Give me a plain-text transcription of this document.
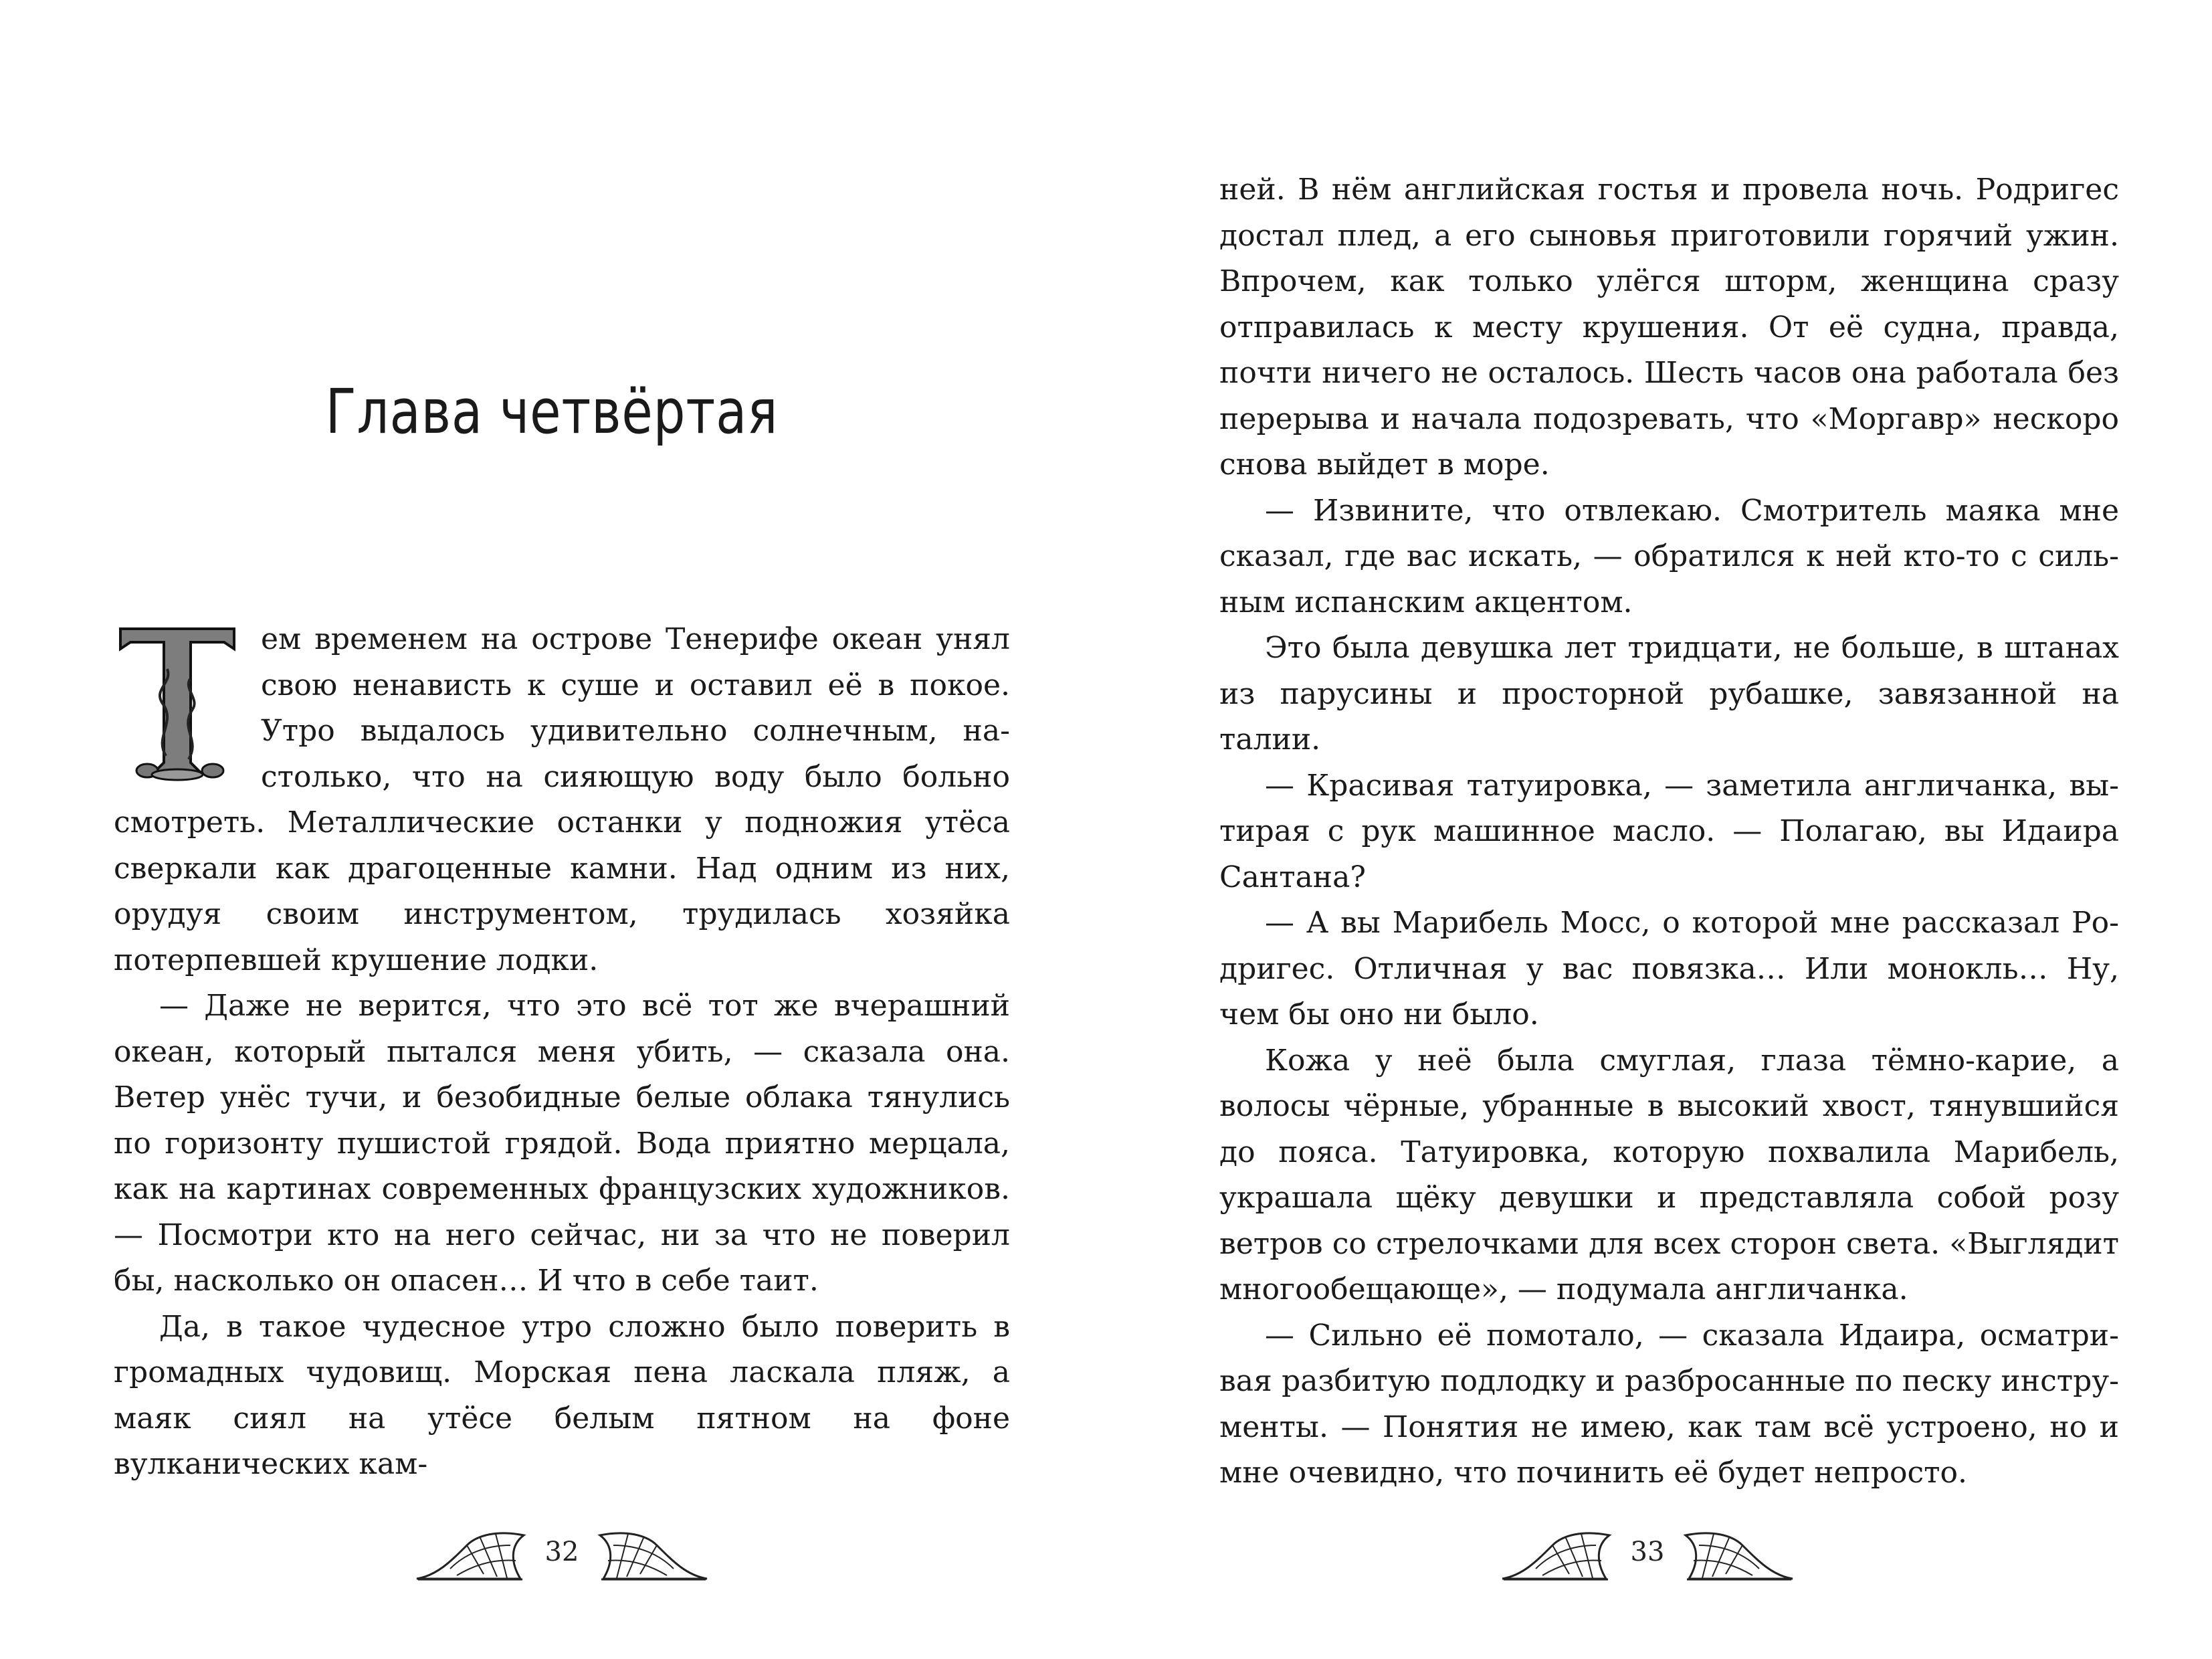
Глава четвёртая

ем временем на острове Тенерифе океан унял свою ненависть к суше и оставил её в покое. Утро выдалось удивительно солнечным, настолько, что на сияющую воду было больно смотреть. Металлические останки у подножия утёса сверкали как драгоценные камни. Над одним из них, орудуя своим инструментом, трудилась хозяйка потерпевшей крушение лодки.

— Даже не верится, что это всё тот же вчерашний океан, который пытался меня убить, — сказала она. Ветер унёс тучи, и безобидные белые облака тянулись по горизонту пушистой грядой. Вода приятно мерцала, как на картинах современных французских художников. — Посмотри кто на него сейчас, ни за что не поверил бы, насколько он опасен… И что в себе таит.

Да, в такое чудесное утро сложно было поверить в громадных чудовищ. Морская пена ласкала пляж, а маяк сиял на утёсе белым пятном на фоне вулканических кам-

32

ней. В нём английская гостья и провела ночь. Родригес достал плед, а его сыновья приготовили горячий ужин. Впрочем, как только улёгся шторм, женщина сразу отправилась к месту крушения. От её судна, правда, почти ничего не осталось. Шесть часов она работала без перерыва и начала подозревать, что «Моргавр» нескоро снова выйдет в море.

— Извините, что отвлекаю. Смотритель маяка мне сказал, где вас искать, — обратился к ней кто-то с сильным испанским акцентом.

Это была девушка лет тридцати, не больше, в штанах из парусины и просторной рубашке, завязанной на талии.

— Красивая татуировка, — заметила англичанка, вытирая с рук машинное масло. — Полагаю, вы Идаира Сантана?

— А вы Марибель Мосс, о которой мне рассказал Родригес. Отличная у вас повязка… Или монокль… Ну, чем бы оно ни было.

Кожа у неё была смуглая, глаза тёмно-карие, а волосы чёрные, убранные в высокий хвост, тянувшийся до пояса. Татуировка, которую похвалила Марибель, украшала щёку девушки и представляла собой розу ветров со стрелочками для всех сторон света. «Выглядит многообещающе», — подумала англичанка.

— Сильно её помотало, — сказала Идаира, осматривая разбитую подлодку и разбросанные по песку инструменты. — Понятия не имею, как там всё устроено, но и мне очевидно, что починить её будет непросто.

33
